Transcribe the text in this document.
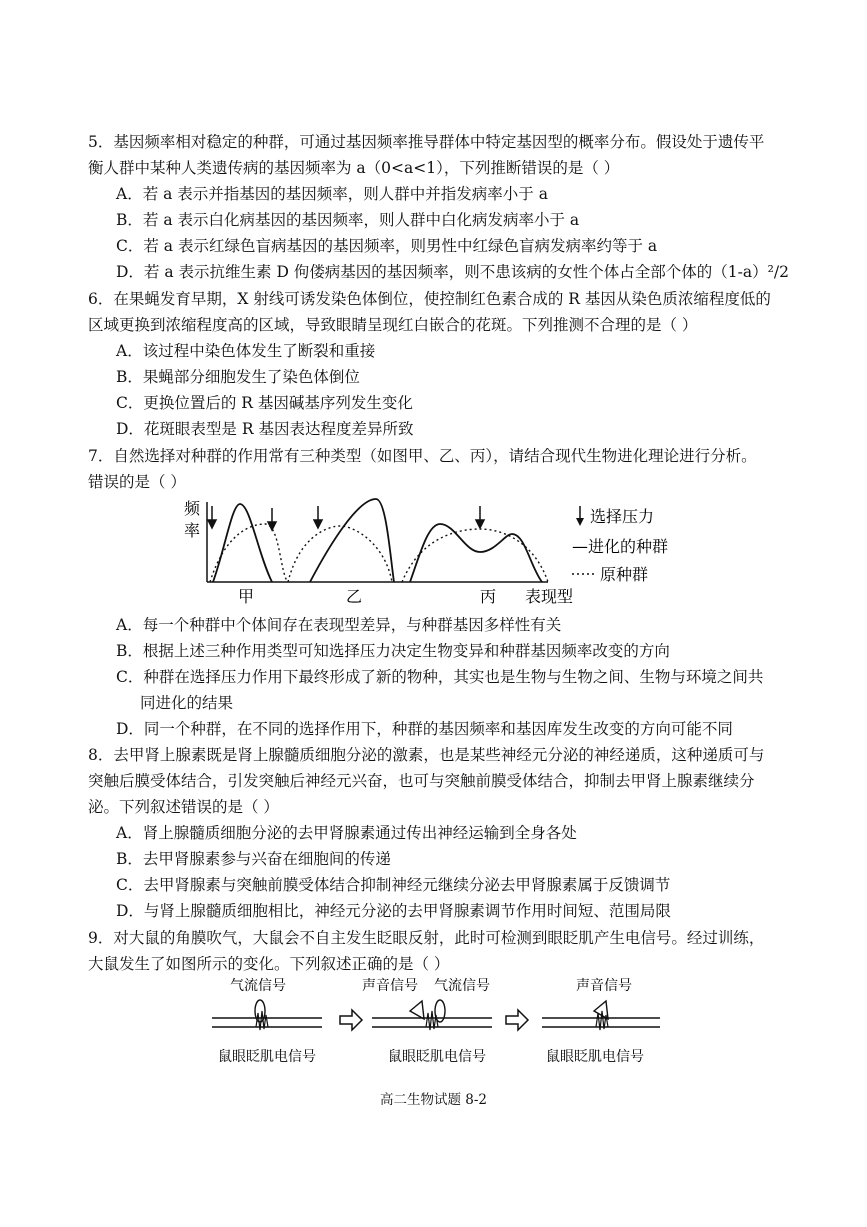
5．基因频率相对稳定的种群，可通过基因频率推导群体中特定基因型的概率分布。假设处于遗传平
衡人群中某种人类遗传病的基因频率为 a（0<a<1），下列推断错误的是（ ）
A．若 a 表示并指基因的基因频率，则人群中并指发病率小于 a
B．若 a 表示白化病基因的基因频率，则人群中白化病发病率小于 a
C．若 a 表示红绿色盲病基因的基因频率，则男性中红绿色盲病发病率约等于 a
D．若 a 表示抗维生素 D 佝偻病基因的基因频率，则不患该病的女性个体占全部个体的（1-a）²/2
6．在果蝇发育早期，X 射线可诱发染色体倒位，使控制红色素合成的 R 基因从染色质浓缩程度低的
区域更换到浓缩程度高的区域，导致眼睛呈现红白嵌合的花斑。下列推测不合理的是（ ）
A．该过程中染色体发生了断裂和重接
B．果蝇部分细胞发生了染色体倒位
C．更换位置后的 R 基因碱基序列发生变化
D．花斑眼表型是 R 基因表达程度差异所致
7．自然选择对种群的作用常有三种类型（如图甲、乙、丙），请结合现代生物进化理论进行分析。
错误的是（ ）
频
率
甲	乙	丙 表现型
选择压力
—进化的种群
原种群
A．每一个种群中个体间存在表现型差异，与种群基因多样性有关
B．根据上述三种作用类型可知选择压力决定生物变异和种群基因频率改变的方向
C．种群在选择压力作用下最终形成了新的物种，其实也是生物与生物之间、生物与环境之间共
同进化的结果
D．同一个种群，在不同的选择作用下，种群的基因频率和基因库发生改变的方向可能不同
8．去甲肾上腺素既是肾上腺髓质细胞分泌的激素，也是某些神经元分泌的神经递质，这种递质可与
突触后膜受体结合，引发突触后神经元兴奋，也可与突触前膜受体结合，抑制去甲肾上腺素继续分
泌。下列叙述错误的是（ ）
A．肾上腺髓质细胞分泌的去甲肾腺素通过传出神经运输到全身各处
B．去甲肾腺素参与兴奋在细胞间的传递
C．去甲肾腺素与突触前膜受体结合抑制神经元继续分泌去甲肾腺素属于反馈调节
D．与肾上腺髓质细胞相比，神经元分泌的去甲肾腺素调节作用时间短、范围局限
9．对大鼠的角膜吹气，大鼠会不自主发生眨眼反射，此时可检测到眼眨肌产生电信号。经过训练，
大鼠发生了如图所示的变化。下列叙述正确的是（ ）
气流信号
鼠眼眨肌电信号
声音信号 气流信号
鼠眼眨肌电信号
声音信号
鼠眼眨肌电信号
高二生物试题 8-2
